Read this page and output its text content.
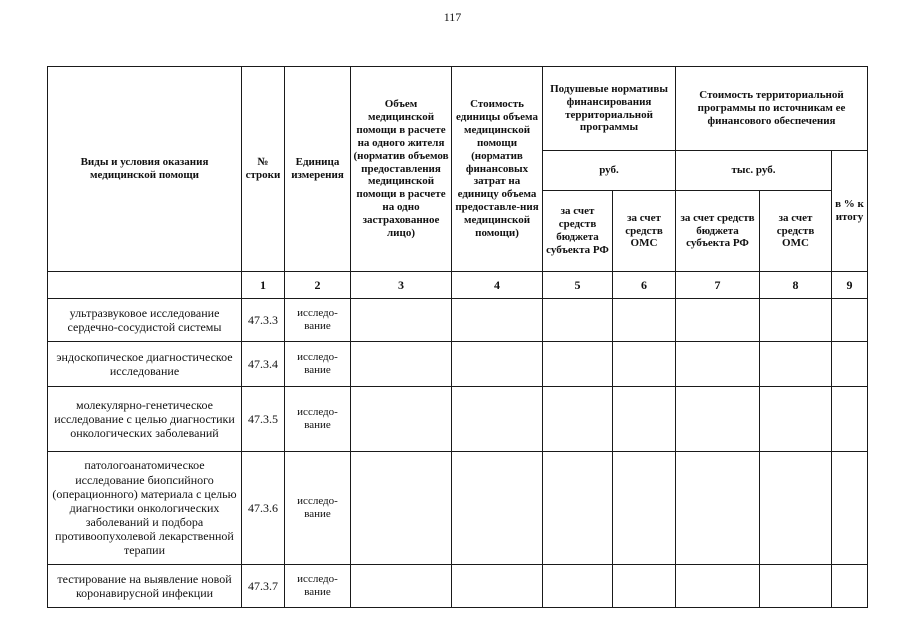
117
Виды и условия оказания медицинской помощи	№ строки	Единица измерения	Объем медицинской помощи в расчете на одного жителя (норматив объемов предоставления медицинской помощи в расчете на одно застрахованное лицо)	Стоимость единицы объема медицинской помощи (норматив финансовых затрат на единицу объема предоставле-ния медицинской помощи)	Подушевые нормативы финансирования территориальной программы		Стоимость территориальной программы по источникам ее финансового обеспечения		
					руб.		тыс. руб.		в % к итогу
					за счет средств бюджета субъекта РФ	за счет средств ОМС	за счет средств бюджета субъекта РФ	за счет средств ОМС	
	1	2	3	4	5	6	7	8	9
ультразвуковое исследование сердечно-сосудистой системы	47.3.3	исследо-вание							
эндоскопическое диагностическое исследование	47.3.4	исследо-вание							
молекулярно-генетическое исследование с целью диагностики онкологических заболеваний	47.3.5	исследо-вание							
патологоанатомическое исследование биопсийного (операционного) материала с целью диагностики онкологических заболеваний и подбора противоопухолевой лекарственной терапии	47.3.6	исследо-вание							
тестирование на выявление новой коронавирусной инфекции	47.3.7	исследо-вание							
